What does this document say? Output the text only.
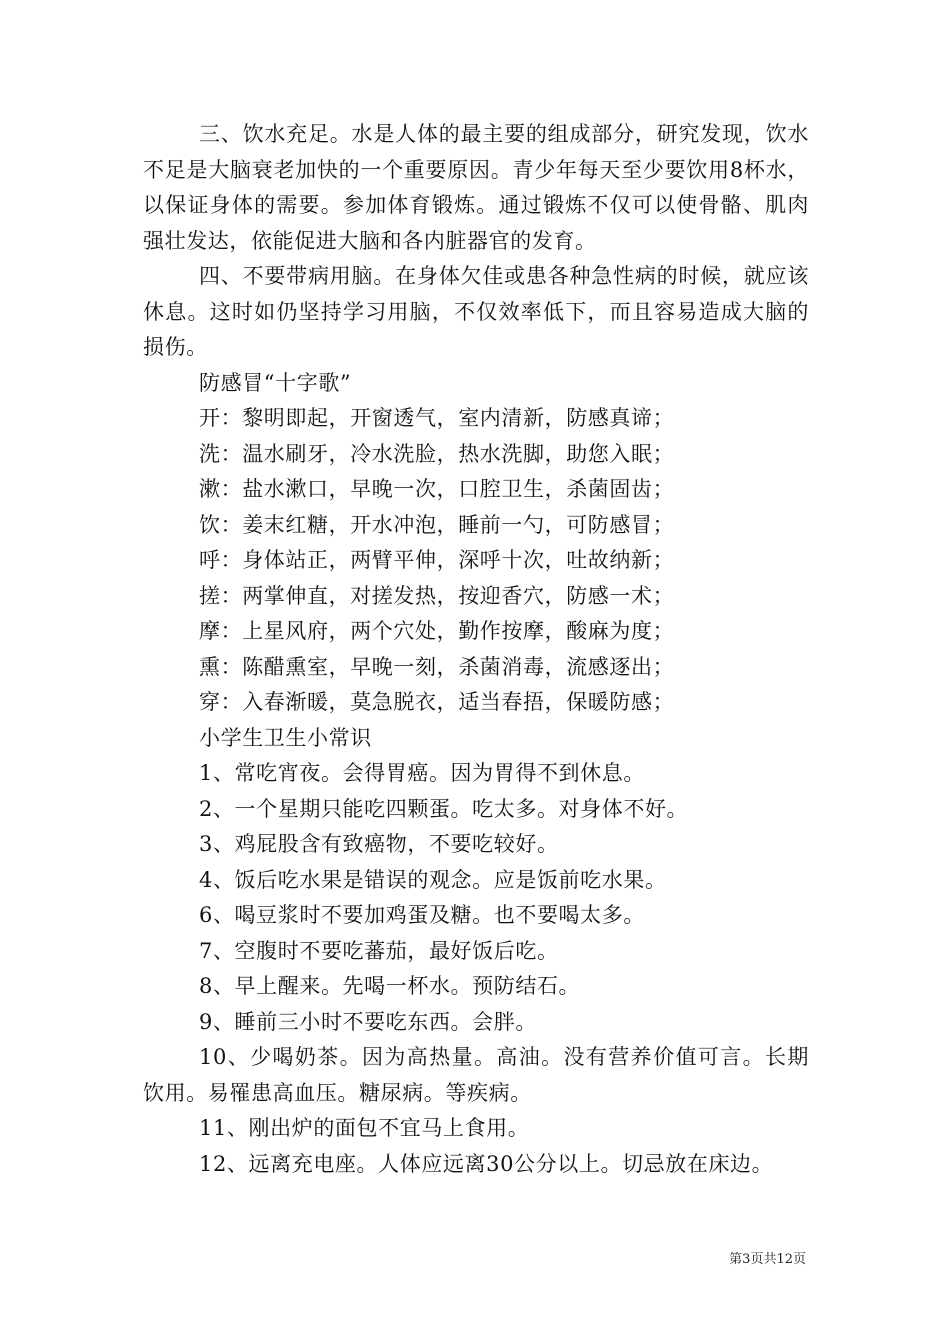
三、饮水充足。水是人体的最主要的组成部分，研究发现，饮水不足是大脑衰老加快的一个重要原因。青少年每天至少要饮用8杯水，以保证身体的需要。参加体育锻炼。通过锻炼不仅可以使骨骼、肌肉强壮发达，依能促进大脑和各内脏器官的发育。

四、不要带病用脑。在身体欠佳或患各种急性病的时候，就应该休息。这时如仍坚持学习用脑，不仅效率低下，而且容易造成大脑的损伤。

防感冒“十字歌”

开：黎明即起，开窗透气，室内清新，防感真谛；

洗：温水刷牙，冷水洗脸，热水洗脚，助您入眠；

漱：盐水漱口，早晚一次，口腔卫生，杀菌固齿；

饮：姜末红糖，开水冲泡，睡前一勺，可防感冒；

呼：身体站正，两臂平伸，深呼十次，吐故纳新；

搓：两掌伸直，对搓发热，按迎香穴，防感一术；

摩：上星风府，两个穴处，勤作按摩，酸麻为度；

熏：陈醋熏室，早晚一刻，杀菌消毒，流感逐出；

穿：入春渐暖，莫急脱衣，适当春捂，保暖防感；

小学生卫生小常识

1、常吃宵夜。会得胃癌。因为胃得不到休息。

2、一个星期只能吃四颗蛋。吃太多。对身体不好。

3、鸡屁股含有致癌物，不要吃较好。

4、饭后吃水果是错误的观念。应是饭前吃水果。

6、喝豆浆时不要加鸡蛋及糖。也不要喝太多。

7、空腹时不要吃蕃茄，最好饭后吃。

8、早上醒来。先喝一杯水。预防结石。

9、睡前三小时不要吃东西。会胖。

10、少喝奶茶。因为高热量。高油。没有营养价值可言。长期饮用。易罹患高血压。糖尿病。等疾病。

11、刚出炉的面包不宜马上食用。

12、远离充电座。人体应远离30公分以上。切忌放在床边。

第3页共12页
